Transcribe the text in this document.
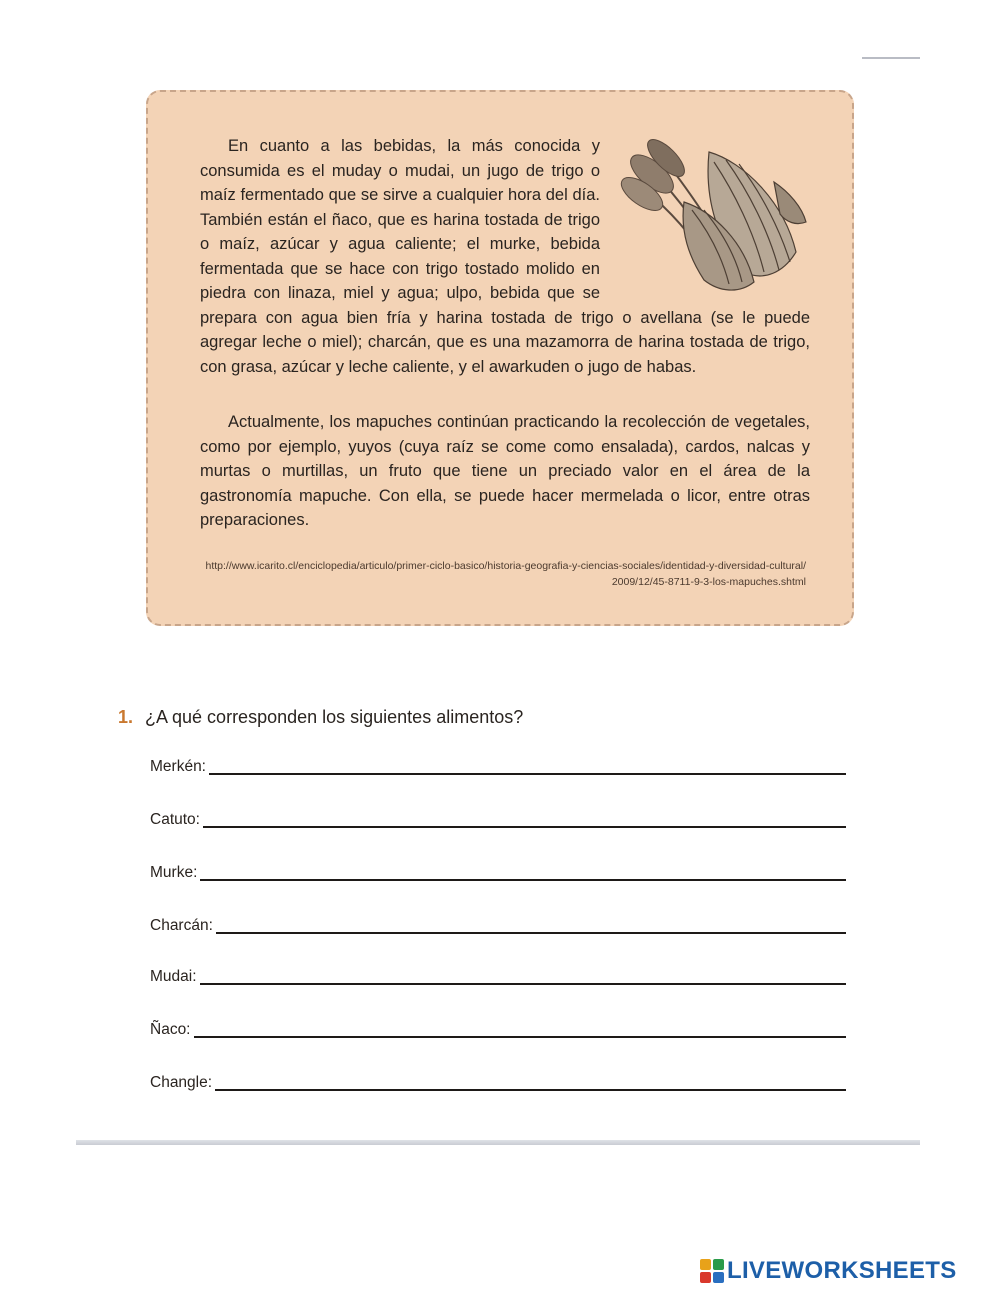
En cuanto a las bebidas, la más conocida y consumida es el muday o mudai, un jugo de trigo o maíz fermentado que se sirve a cualquier hora del día. También están el ñaco, que es harina tostada de trigo o maíz, azúcar y agua caliente; el murke, bebida fermentada que se hace con trigo tostado molido en piedra con linaza, miel y agua; ulpo, bebida que se prepara con agua bien fría y harina tostada de trigo o avellana (se le puede agregar leche o miel); charcán, que es una mazamorra de harina tostada de trigo, con grasa, azúcar y leche caliente, y el awarkuden o jugo de habas.

Actualmente, los mapuches continúan practicando la recolección de vegetales, como por ejemplo, yuyos (cuya raíz se come como ensalada), cardos, nalcas y murtas o murtillas, un fruto que tiene un preciado valor en el área de la gastronomía mapuche. Con ella, se puede hacer mermelada o licor, entre otras preparaciones.

http://www.icarito.cl/enciclopedia/articulo/primer-ciclo-basico/historia-geografia-y-ciencias-sociales/identidad-y-diversidad-cultural/2009/12/45-8711-9-3-los-mapuches.shtml
1. ¿A qué corresponden los siguientes alimentos?
Merkén:
Catuto:
Murke:
Charcán:
Mudai:
Ñaco:
Changle:
LIVEWORKSHEETS
